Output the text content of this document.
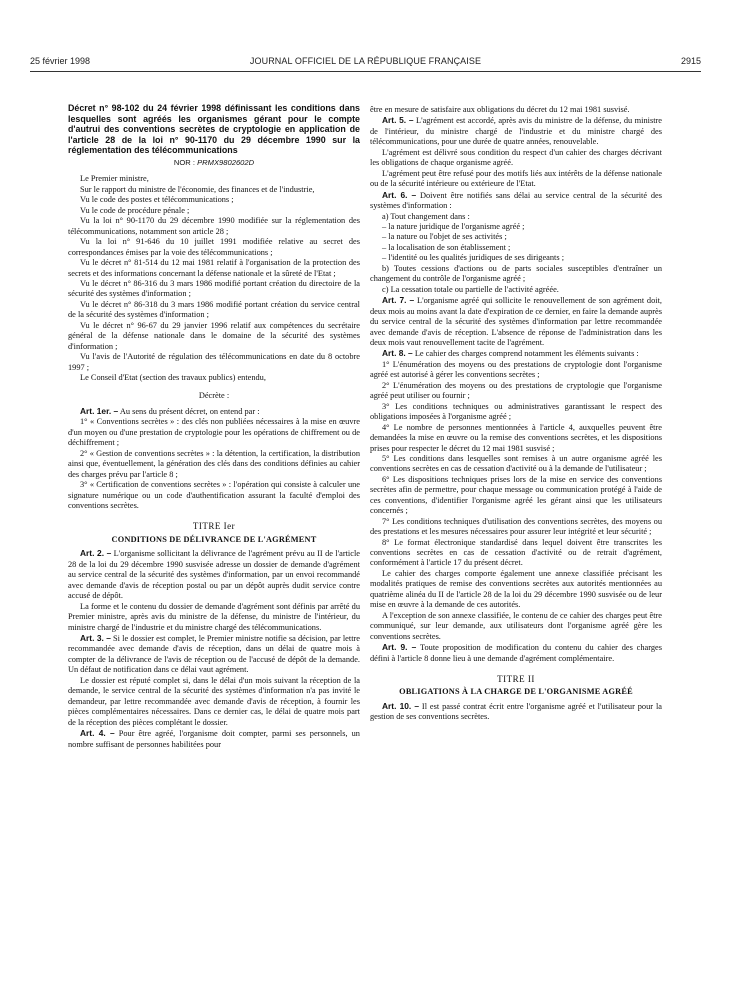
25 février 1998	JOURNAL OFFICIEL DE LA RÉPUBLIQUE FRANÇAISE	2915

Décret n° 98-102 du 24 février 1998 définissant les conditions dans lesquelles sont agréés les organismes gérant pour le compte d'autrui des conventions secrètes de cryptologie en application de l'article 28 de la loi n° 90-1170 du 29 décembre 1990 sur la réglementation des télécommunications

NOR : PRMX9802602D

Le Premier ministre,

Sur le rapport du ministre de l'économie, des finances et de l'industrie,

Vu le code des postes et télécommunications ;

Vu le code de procédure pénale ;

Vu la loi n° 90-1170 du 29 décembre 1990 modifiée sur la réglementation des télécommunications, notamment son article 28 ;

Vu la loi n° 91-646 du 10 juillet 1991 modifiée relative au secret des correspondances émises par la voie des télécommunications ;

Vu le décret n° 81-514 du 12 mai 1981 relatif à l'organisation de la protection des secrets et des informations concernant la défense nationale et la sûreté de l'Etat ;

Vu le décret n° 86-316 du 3 mars 1986 modifié portant création du directoire de la sécurité des systèmes d'information ;

Vu le décret n° 86-318 du 3 mars 1986 modifié portant création du service central de la sécurité des systèmes d'information ;

Vu le décret n° 96-67 du 29 janvier 1996 relatif aux compétences du secrétaire général de la défense nationale dans le domaine de la sécurité des systèmes d'information ;

Vu l'avis de l'Autorité de régulation des télécommunications en date du 8 octobre 1997 ;

Le Conseil d'Etat (section des travaux publics) entendu,

Décrète :

Art. 1er. – Au sens du présent décret, on entend par :

1° « Conventions secrètes » : des clés non publiées nécessaires à la mise en œuvre d'un moyen ou d'une prestation de cryptologie pour les opérations de chiffrement ou de déchiffrement ;

2° « Gestion de conventions secrètes » : la détention, la certification, la distribution ainsi que, éventuellement, la génération des clés dans des conditions définies au cahier des charges prévu par l'article 8 ;

3° « Certification de conventions secrètes » : l'opération qui consiste à calculer une signature numérique ou un code d'authentification assurant la faculté d'emploi des conventions secrètes.

TITRE Ier

CONDITIONS DE DÉLIVRANCE DE L'AGRÉMENT

Art. 2. – L'organisme sollicitant la délivrance de l'agrément prévu au II de l'article 28 de la loi du 29 décembre 1990 susvisée adresse un dossier de demande d'agrément au service central de la sécurité des systèmes d'information, par un envoi recommandé avec demande d'avis de réception postal ou par un dépôt auprès dudit service contre accusé de dépôt.

La forme et le contenu du dossier de demande d'agrément sont définis par arrêté du Premier ministre, après avis du ministre de la défense, du ministre de l'intérieur, du ministre chargé de l'industrie et du ministre chargé des télécommunications.

Art. 3. – Si le dossier est complet, le Premier ministre notifie sa décision, par lettre recommandée avec demande d'avis de réception, dans un délai de quatre mois à compter de la délivrance de l'avis de réception ou de l'accusé de dépôt de la demande. Un défaut de notification dans ce délai vaut agrément.

Le dossier est réputé complet si, dans le délai d'un mois suivant la réception de la demande, le service central de la sécurité des systèmes d'information n'a pas invité le demandeur, par lettre recommandée avec demande d'avis de réception, à fournir les pièces complémentaires nécessaires. Dans ce dernier cas, le délai de quatre mois part de la réception des pièces complétant le dossier.

Art. 4. – Pour être agréé, l'organisme doit compter, parmi ses personnels, un nombre suffisant de personnes habilitées pour

être en mesure de satisfaire aux obligations du décret du 12 mai 1981 susvisé.

Art. 5. – L'agrément est accordé, après avis du ministre de la défense, du ministre de l'intérieur, du ministre chargé de l'industrie et du ministre chargé des télécommunications, pour une durée de quatre années, renouvelable.

L'agrément est délivré sous condition du respect d'un cahier des charges décrivant les obligations de chaque organisme agréé.

L'agrément peut être refusé pour des motifs liés aux intérêts de la défense nationale ou de la sécurité intérieure ou extérieure de l'Etat.

Art. 6. – Doivent être notifiés sans délai au service central de la sécurité des systèmes d'information :

a) Tout changement dans :

– la nature juridique de l'organisme agréé ;

– la nature ou l'objet de ses activités ;

– la localisation de son établissement ;

– l'identité ou les qualités juridiques de ses dirigeants ;

b) Toutes cessions d'actions ou de parts sociales susceptibles d'entraîner un changement du contrôle de l'organisme agréé ;

c) La cessation totale ou partielle de l'activité agréée.

Art. 7. – L'organisme agréé qui sollicite le renouvellement de son agrément doit, deux mois au moins avant la date d'expiration de ce dernier, en faire la demande auprès du service central de la sécurité des systèmes d'information par lettre recommandée avec demande d'avis de réception. L'absence de réponse de l'administration dans les deux mois vaut renouvellement tacite de l'agrément.

Art. 8. – Le cahier des charges comprend notamment les éléments suivants :

1° L'énumération des moyens ou des prestations de cryptologie dont l'organisme agréé est autorisé à gérer les conventions secrètes ;

2° L'énumération des moyens ou des prestations de cryptologie que l'organisme agréé peut utiliser ou fournir ;

3° Les conditions techniques ou administratives garantissant le respect des obligations imposées à l'organisme agréé ;

4° Le nombre de personnes mentionnées à l'article 4, auxquelles peuvent être demandées la mise en œuvre ou la remise des conventions secrètes, et les dispositions prises pour respecter le décret du 12 mai 1981 susvisé ;

5° Les conditions dans lesquelles sont remises à un autre organisme agréé les conventions secrètes en cas de cessation d'activité ou à la demande de l'utilisateur ;

6° Les dispositions techniques prises lors de la mise en service des conventions secrètes afin de permettre, pour chaque message ou communication protégé à l'aide de ces conventions, d'identifier l'organisme agréé les gérant ainsi que les utilisateurs concernés ;

7° Les conditions techniques d'utilisation des conventions secrètes, des moyens ou des prestations et les mesures nécessaires pour assurer leur intégrité et leur sécurité ;

8° Le format électronique standardisé dans lequel doivent être transcrites les conventions secrètes en cas de cessation d'activité ou de retrait d'agrément, conformément à l'article 17 du présent décret.

Le cahier des charges comporte également une annexe classifiée précisant les modalités pratiques de remise des conventions secrètes aux autorités mentionnées au quatrième alinéa du II de l'article 28 de la loi du 29 décembre 1990 susvisée ou de leur mise en œuvre à la demande de ces autorités.

A l'exception de son annexe classifiée, le contenu de ce cahier des charges peut être communiqué, sur leur demande, aux utilisateurs dont l'organisme agréé gère les conventions secrètes.

Art. 9. – Toute proposition de modification du contenu du cahier des charges défini à l'article 8 donne lieu à une demande d'agrément complémentaire.

TITRE II

OBLIGATIONS À LA CHARGE DE L'ORGANISME AGRÉÉ

Art. 10. – Il est passé contrat écrit entre l'organisme agréé et l'utilisateur pour la gestion de ses conventions secrètes.
